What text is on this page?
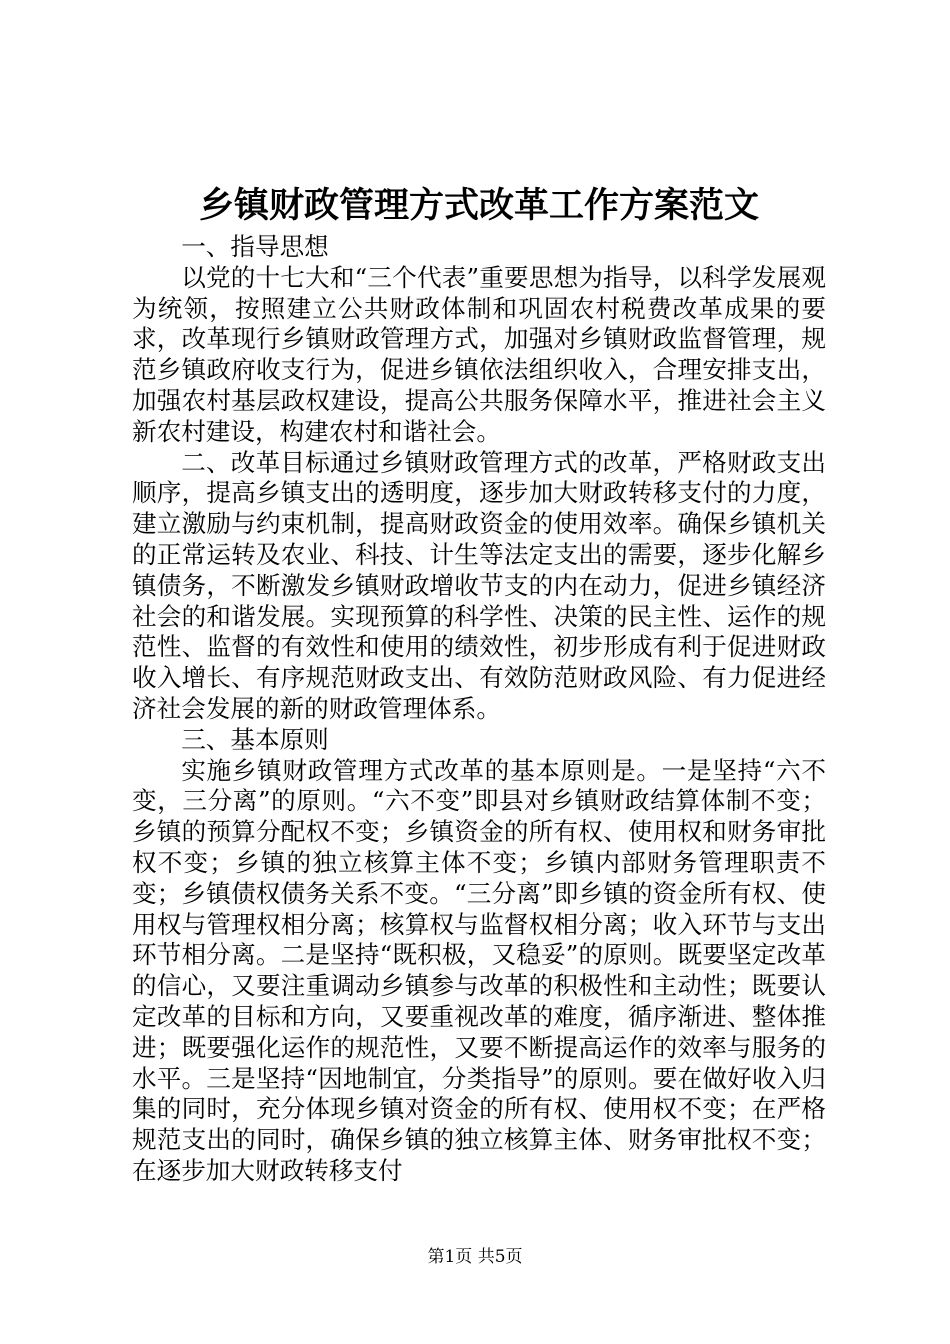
乡镇财政管理方式改革工作方案范文

一、指导思想

以党的十七大和“三个代表”重要思想为指导，以科学发展观为统领，按照建立公共财政体制和巩固农村税费改革成果的要求，改革现行乡镇财政管理方式，加强对乡镇财政监督管理，规范乡镇政府收支行为，促进乡镇依法组织收入，合理安排支出，加强农村基层政权建设，提高公共服务保障水平，推进社会主义新农村建设，构建农村和谐社会。

二、改革目标通过乡镇财政管理方式的改革，严格财政支出顺序，提高乡镇支出的透明度，逐步加大财政转移支付的力度，建立激励与约束机制，提高财政资金的使用效率。确保乡镇机关的正常运转及农业、科技、计生等法定支出的需要，逐步化解乡镇债务，不断激发乡镇财政增收节支的内在动力，促进乡镇经济社会的和谐发展。实现预算的科学性、决策的民主性、运作的规范性、监督的有效性和使用的绩效性，初步形成有利于促进财政收入增长、有序规范财政支出、有效防范财政风险、有力促进经济社会发展的新的财政管理体系。

三、基本原则

实施乡镇财政管理方式改革的基本原则是。一是坚持“六不变，三分离”的原则。“六不变”即县对乡镇财政结算体制不变；乡镇的预算分配权不变；乡镇资金的所有权、使用权和财务审批权不变；乡镇的独立核算主体不变；乡镇内部财务管理职责不变；乡镇债权债务关系不变。“三分离”即乡镇的资金所有权、使用权与管理权相分离；核算权与监督权相分离；收入环节与支出环节相分离。二是坚持“既积极，又稳妥”的原则。既要坚定改革的信心，又要注重调动乡镇参与改革的积极性和主动性；既要认定改革的目标和方向，又要重视改革的难度，循序渐进、整体推进；既要强化运作的规范性，又要不断提高运作的效率与服务的水平。三是坚持“因地制宜，分类指导”的原则。要在做好收入归集的同时，充分体现乡镇对资金的所有权、使用权不变；在严格规范支出的同时，确保乡镇的独立核算主体、财务审批权不变；在逐步加大财政转移支付

第1页 共5页
